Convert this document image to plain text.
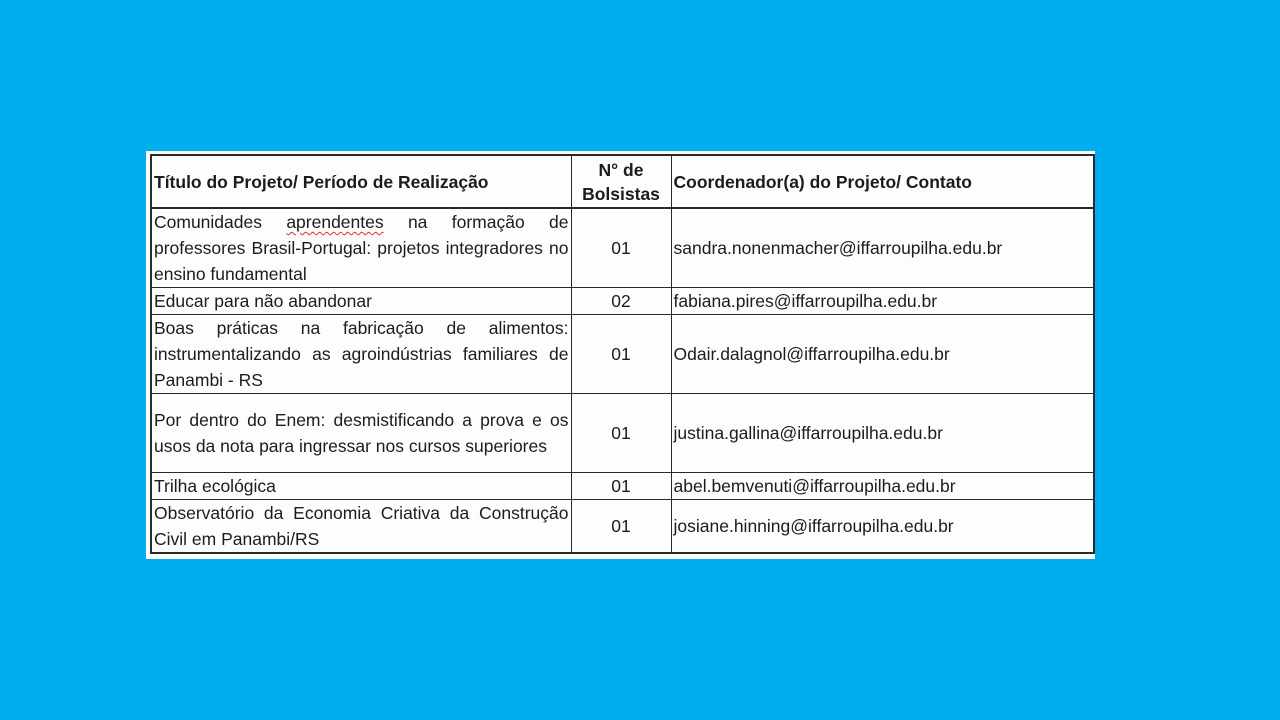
Título do Projeto/ Período de Realização	N° de Bolsistas	Coordenador(a) do Projeto/ Contato
Comunidades aprendentes na formação de professores Brasil-Portugal: projetos integradores no ensino fundamental	01	sandra.nonenmacher@iffarroupilha.edu.br
Educar para não abandonar	02	fabiana.pires@iffarroupilha.edu.br
Boas práticas na fabricação de alimentos: instrumentalizando as agroindústrias familiares de Panambi - RS	01	Odair.dalagnol@iffarroupilha.edu.br
Por dentro do Enem: desmistificando a prova e os usos da nota para ingressar nos cursos superiores	01	justina.gallina@iffarroupilha.edu.br
Trilha ecológica	01	abel.bemvenuti@iffarroupilha.edu.br
Observatório da Economia Criativa da Construção Civil em Panambi/RS	01	josiane.hinning@iffarroupilha.edu.br
